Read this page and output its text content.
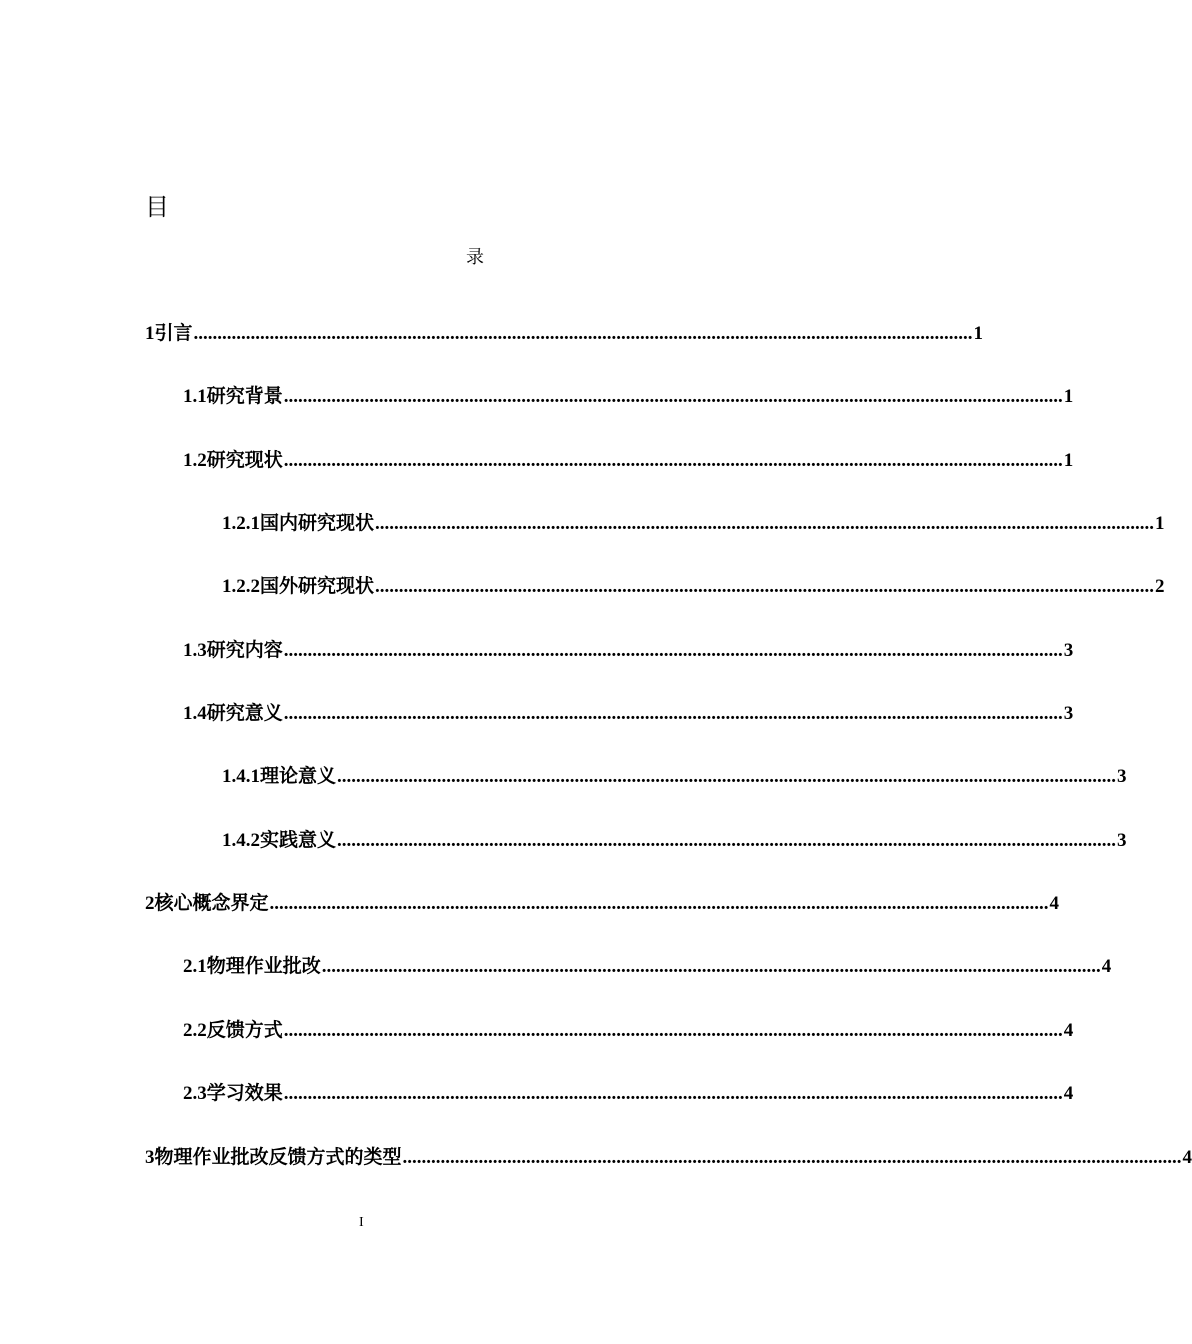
目
录
1 引言 .................................................................................................................................................................... 1
1.1 研究背景 .................................................................................................................................................................... 1
1.2 研究现状 .................................................................................................................................................................... 1
1.2.1 国内研究现状 .................................................................................................................................................................... 1
1.2.2 国外研究现状 .................................................................................................................................................................... 2
1.3 研究内容 .................................................................................................................................................................... 3
1.4 研究意义 .................................................................................................................................................................... 3
1.4.1 理论意义 .................................................................................................................................................................... 3
1.4.2 实践意义 .................................................................................................................................................................... 3
2 核心概念界定 .................................................................................................................................................................... 4
2.1 物理作业批改 .................................................................................................................................................................... 4
2.2 反馈方式 .................................................................................................................................................................... 4
2.3 学习效果 .................................................................................................................................................................... 4
3 物理作业批改反馈方式的类型 .................................................................................................................................................................... 4
I
